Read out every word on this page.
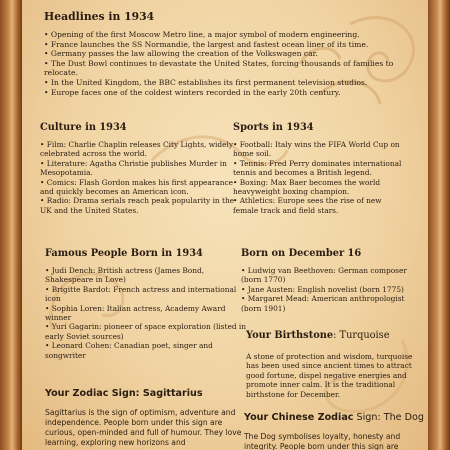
Headlines in 1934
• Opening of the first Moscow Metro line, a major symbol of modern engineering.
• France launches the SS Normandie, the largest and fastest ocean liner of its time.
• Germany passes the law allowing the creation of the Volkswagen car.
• The Dust Bowl continues to devastate the United States, forcing thousands of families to relocate.
• In the United Kingdom, the BBC establishes its first permanent television studios.
• Europe faces one of the coldest winters recorded in the early 20th century.
Culture in 1934
• Film: Charlie Chaplin releases City Lights, widely celebrated across the world.
• Literature: Agatha Christie publishes Murder in Mesopotamia.
• Comics: Flash Gordon makes his first appearance and quickly becomes an American icon.
• Radio: Drama serials reach peak popularity in the UK and the United States.
Sports in 1934
• Football: Italy wins the FIFA World Cup on home soil.
• Tennis: Fred Perry dominates international tennis and becomes a British legend.
• Boxing: Max Baer becomes the world heavyweight boxing champion.
• Athletics: Europe sees the rise of new female track and field stars.
Famous People Born in 1934
• Judi Dench: British actress (James Bond, Shakespeare in Love)
• Brigitte Bardot: French actress and international icon
• Sophia Loren: Italian actress, Academy Award winner
• Yuri Gagarin: pioneer of space exploration (listed in early Soviet sources)
• Leonard Cohen: Canadian poet, singer and songwriter
Born on December 16
• Ludwig van Beethoven: German composer (born 1770)
• Jane Austen: English novelist (born 1775)
• Margaret Mead: American anthropologist (born 1901)
Your Birthstone: Turquoise
A stone of protection and wisdom, turquoise has been used since ancient times to attract good fortune, dispel negative energies and promote inner calm. It is the traditional birthstone for December.
Your Zodiac Sign: Sagittarius
Sagittarius is the sign of optimism, adventure and independence. People born under this sign are curious, open-minded and full of humour. They love learning, exploring new horizons and
Your Chinese Zodiac Sign: The Dog
The Dog symbolises loyalty, honesty and integrity. People born under this sign are
